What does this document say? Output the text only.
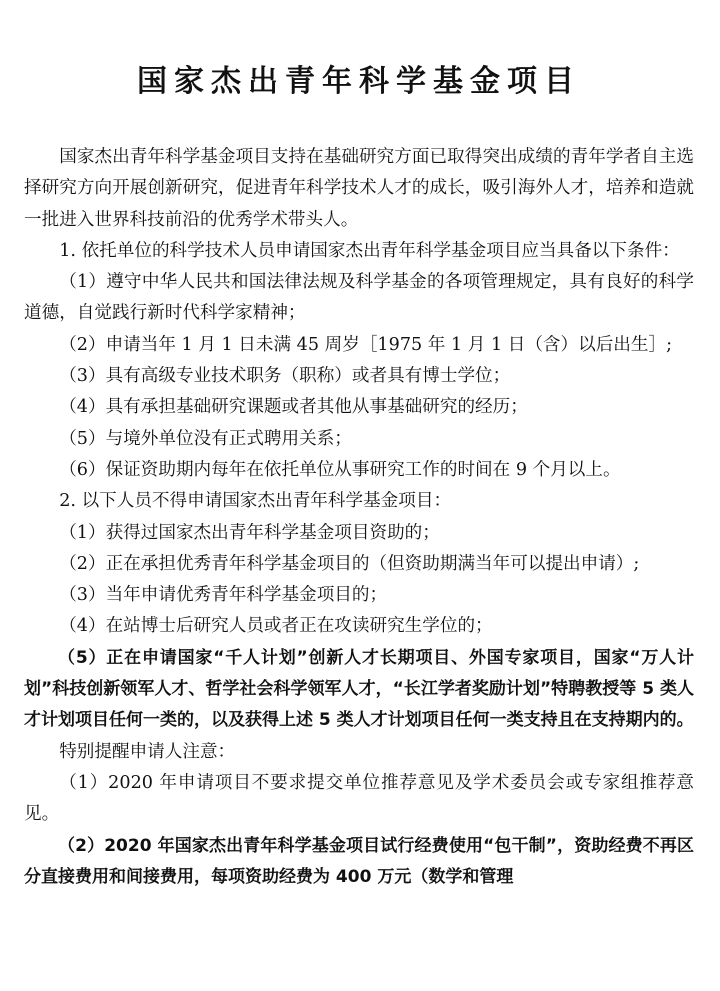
国家杰出青年科学基金项目

国家杰出青年科学基金项目支持在基础研究方面已取得突出成绩的青年学者自主选择研究方向开展创新研究，促进青年科学技术人才的成长，吸引海外人才，培养和造就一批进入世界科技前沿的优秀学术带头人。

1. 依托单位的科学技术人员申请国家杰出青年科学基金项目应当具备以下条件：

（1）遵守中华人民共和国法律法规及科学基金的各项管理规定，具有良好的科学道德，自觉践行新时代科学家精神；

（2）申请当年 1 月 1 日未满 45 周岁［1975 年 1 月 1 日（含）以后出生］;

（3）具有高级专业技术职务（职称）或者具有博士学位；

（4）具有承担基础研究课题或者其他从事基础研究的经历；

（5）与境外单位没有正式聘用关系；

（6）保证资助期内每年在依托单位从事研究工作的时间在 9 个月以上。

2. 以下人员不得申请国家杰出青年科学基金项目：

（1）获得过国家杰出青年科学基金项目资助的；

（2）正在承担优秀青年科学基金项目的（但资助期满当年可以提出申请）;

（3）当年申请优秀青年科学基金项目的；

（4）在站博士后研究人员或者正在攻读研究生学位的；

（5）正在申请国家“千人计划”创新人才长期项目、外国专家项目，国家“万人计划”科技创新领军人才、哲学社会科学领军人才，“长江学者奖励计划”特聘教授等 5 类人才计划项目任何一类的，以及获得上述 5 类人才计划项目任何一类支持且在支持期内的。

特别提醒申请人注意：

（1）2020 年申请项目不要求提交单位推荐意见及学术委员会或专家组推荐意见。

（2）2020 年国家杰出青年科学基金项目试行经费使用“包干制”，资助经费不再区分直接费用和间接费用，每项资助经费为 400 万元（数学和管理
